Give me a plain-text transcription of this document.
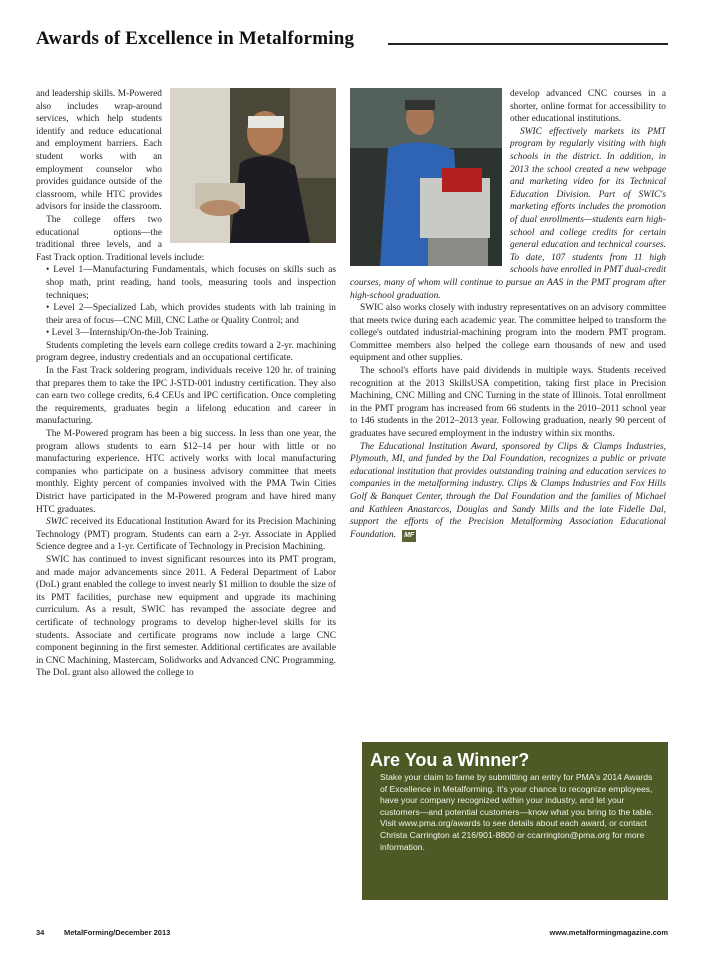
Awards of Excellence in Metalforming

and leadership skills. M-Powered also includes wrap-around services, which help students identify and reduce educational and employment barriers. Each student works with an employment counselor who provides guidance outside of the classroom, while HTC provides advisors for inside the classroom.

The college offers two educational options—the traditional three levels, and a Fast Track option. Traditional levels include:

• Level 1—Manufacturing Fundamentals, which focuses on skills such as shop math, print reading, hand tools, measuring tools and inspection techniques;

• Level 2—Specialized Lab, which provides students with lab training in their area of focus—CNC Mill, CNC Lathe or Quality Control; and

• Level 3—Internship/On-the-Job Training.

Students completing the levels earn college credits toward a 2-yr. machining program degree, industry credentials and an occupational certificate.

In the Fast Track soldering program, individuals receive 120 hr. of training that prepares them to take the IPC J-STD-001 industry certification. They also can earn two college credits, 6.4 CEUs and IPC certification. Once completing the requirements, graduates begin a lifelong education and career in manufacturing.

The M-Powered program has been a big success. In less than one year, the program allows students to earn $12–14 per hour with little or no manufacturing experience. HTC actively works with local manufacturing companies who participate on a business advisory committee that meets monthly. Eighty percent of companies involved with the PMA Twin Cities District have participated in the M-Powered program and have hired many HTC graduates.

SWIC received its Educational Institution Award for its Precision Machining Technology (PMT) program. Students can earn a 2-yr. Associate in Applied Science degree and a 1-yr. Certificate of Technology in Precision Machining.

SWIC has continued to invest significant resources into its PMT program, and made major advancements since 2011. A Federal Department of Labor (DoL) grant enabled the college to invest nearly $1 million to double the size of its PMT facilities, purchase new equipment and upgrade its machining curriculum. As a result, SWIC has revamped the associate degree and certificate of technology programs to develop higher-level skills for its students. Associate and certificate programs now include a large CNC component beginning in the first semester. Additional certificates are available in CNC Machining, Mastercam, Solidworks and Advanced CNC Programming. The DoL grant also allowed the college to

develop advanced CNC courses in a shorter, online format for accessibility to other educational institutions.

SWIC effectively markets its PMT program by regularly visiting with high schools in the district. In addition, in 2013 the school created a new webpage and marketing video for its Technical Education Division. Part of SWIC's marketing efforts includes the promotion of dual enrollments—students earn high-school and college credits for certain general education and technical courses. To date, 107 students from 11 high schools have enrolled in PMT dual-credit courses, many of whom will continue to pursue an AAS in the PMT program after high-school graduation.

SWIC also works closely with industry representatives on an advisory committee that meets twice during each academic year. The committee helped to transform the college's outdated industrial-machining program into the modern PMT program. Committee members also helped the college earn thousands of new and used equipment and other supplies.

The school's efforts have paid dividends in multiple ways. Students received recognition at the 2013 SkillsUSA competition, taking first place in Precision Machining, CNC Milling and CNC Turning in the state of Illinois. Total enrollment in the PMT program has increased from 66 students in the 2010–2011 school year to 146 students in the 2012–2013 year. Following graduation, nearly 90 percent of graduates have secured employment in the industry within six months.

The Educational Institution Award, sponsored by Clips & Clamps Industries, Plymouth, MI, and funded by the Dal Foundation, recognizes a public or private educational institution that provides outstanding training and education services to companies in the metalforming industry. Clips & Clamps Industries and Fox Hills Golf & Banquet Center, through the Dal Foundation and the families of Michael and Kathleen Anastarcos, Douglas and Sandy Mills and the late Fidelle Dal, support the efforts of the Precision Metalforming Association Educational Foundation. MF

Are You a Winner?
Stake your claim to fame by submitting an entry for PMA's 2014 Awards of Excellence in Metalforming. It's your chance to recognize employees, have your company recognized within your industry, and let your customers—and potential customers—know what you bring to the table. Visit www.pma.org/awards to see details about each award, or contact Christa Carrington at 216/901-8800 or ccarrington@pma.org for more information.
34	MetalForming/December 2013	www.metalformingmagazine.com
